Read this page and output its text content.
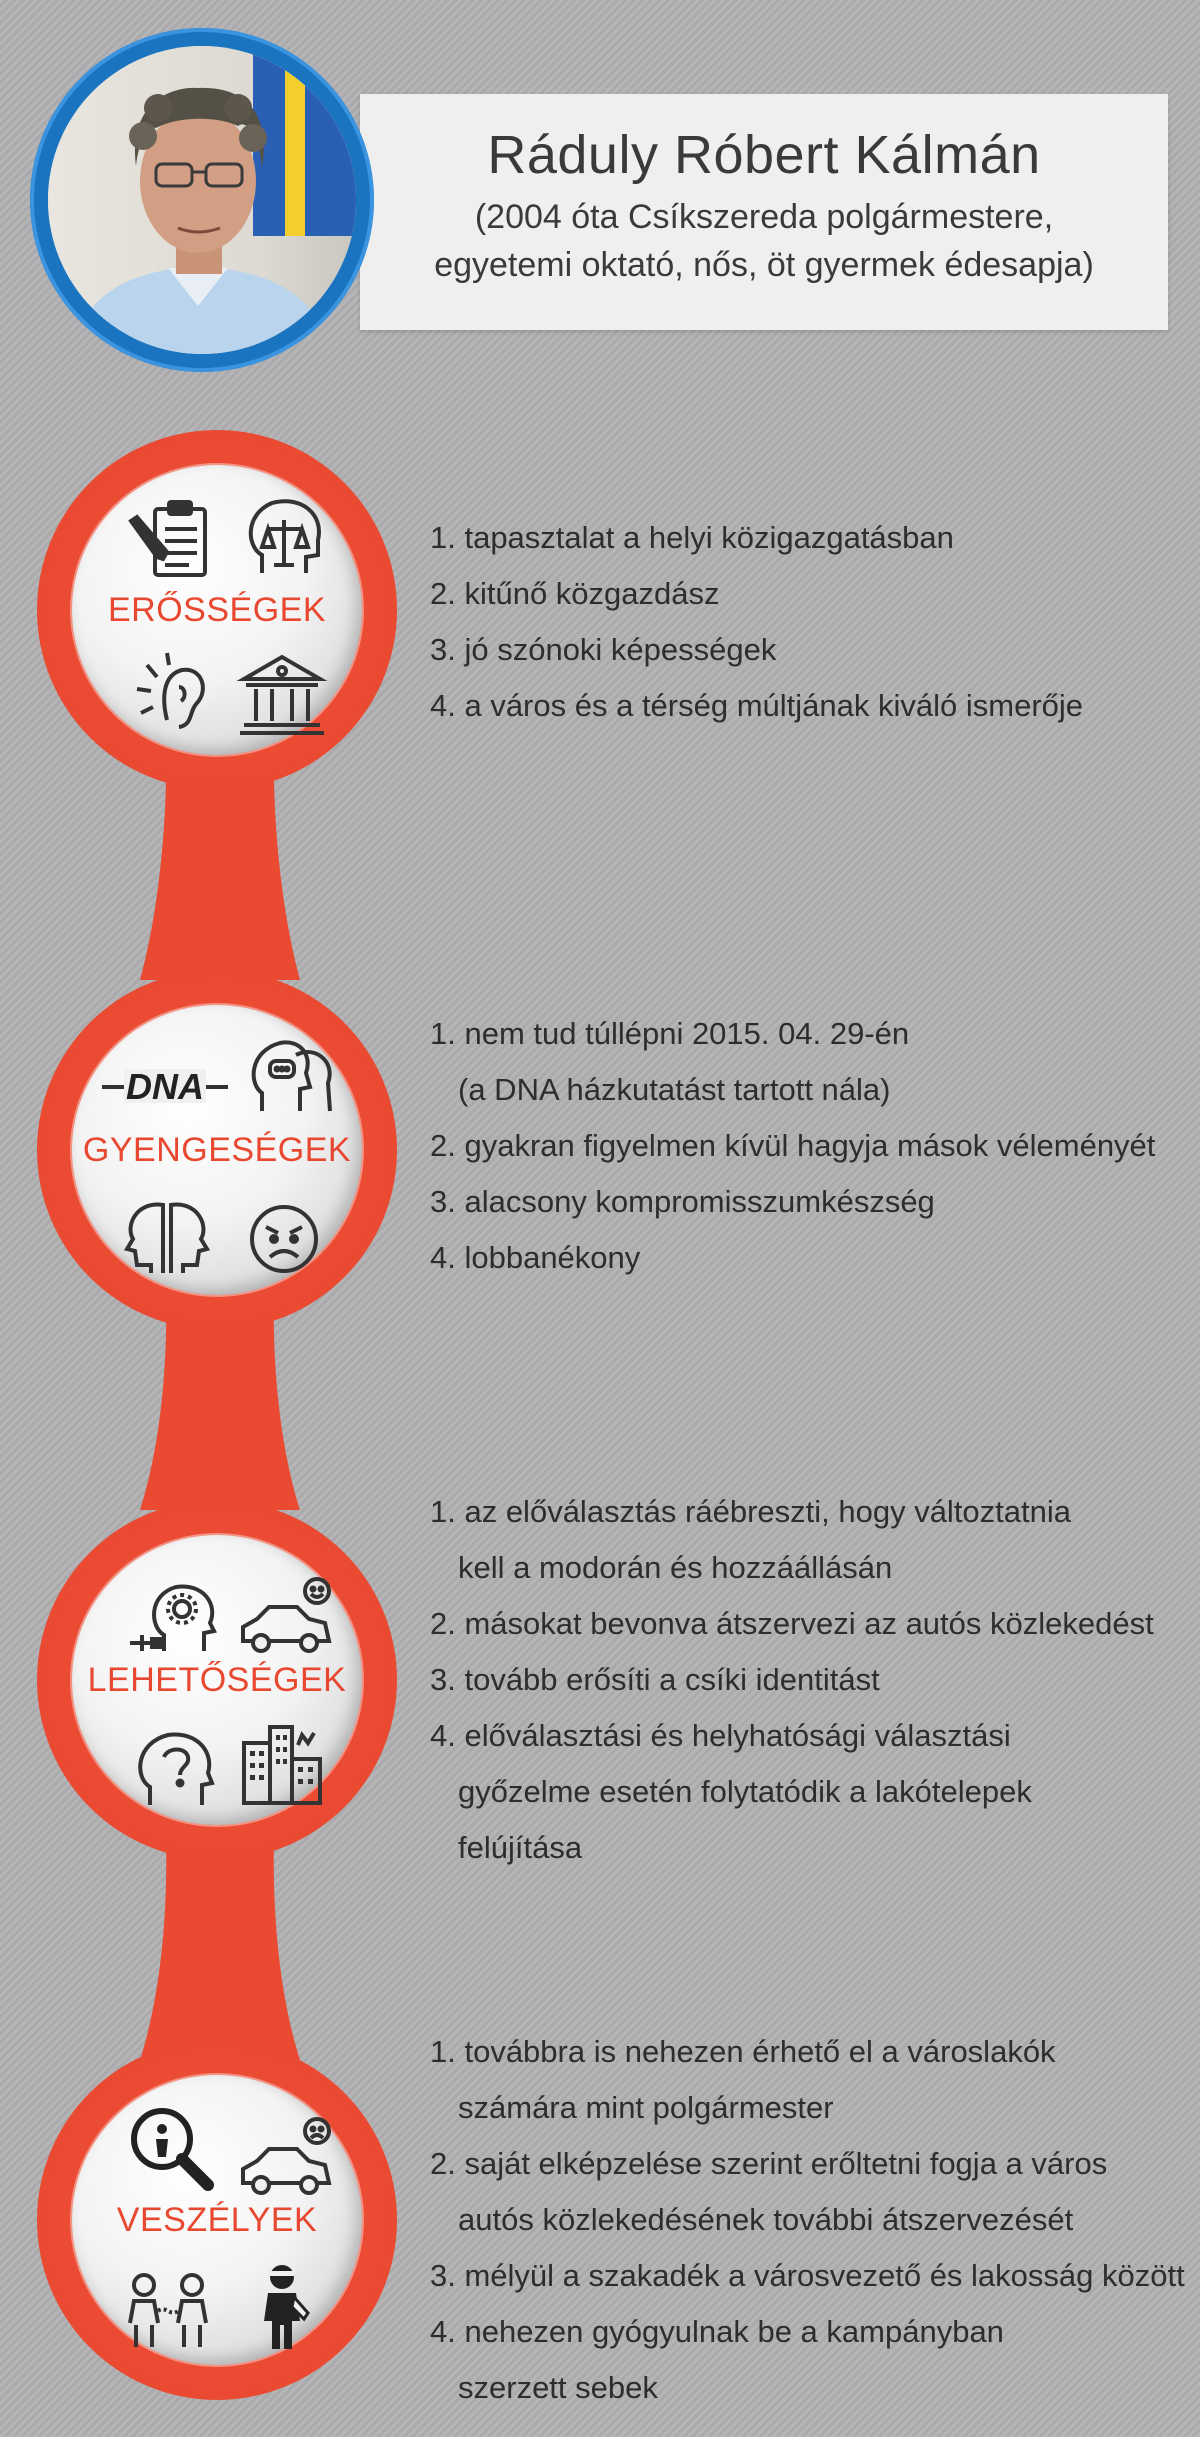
Ráduly Róbert Kálmán
(2004 óta Csíkszereda polgármestere,
egyetemi oktató, nős, öt gyermek édesapja)
ERŐSSÉGEK
DNA
GYENGESÉGEK
LEHETŐSÉGEK
VESZÉLYEK
1. tapasztalat a helyi közigazgatásban
2. kitűnő közgazdász
3. jó szónoki képességek
4. a város és a térség múltjának kiváló ismerője
1. nem tud túllépni 2015. 04. 29-én
(a DNA házkutatást tartott nála)
2. gyakran figyelmen kívül hagyja mások véleményét
3. alacsony kompromisszumkészség
4. lobbanékony
1. az előválasztás ráébreszti, hogy változtatnia
kell a modorán és hozzáállásán
2. másokat bevonva átszervezi az autós közlekedést
3. tovább erősíti a csíki identitást
4. előválasztási és helyhatósági választási
győzelme esetén folytatódik a lakótelepek
felújítása
1. továbbra is nehezen érhető el a városlakók
számára mint polgármester
2. saját elképzelése szerint erőltetni fogja a város
autós közlekedésének további átszervezését
3. mélyül a szakadék a városvezető és lakosság között
4. nehezen gyógyulnak be a kampányban
szerzett sebek
